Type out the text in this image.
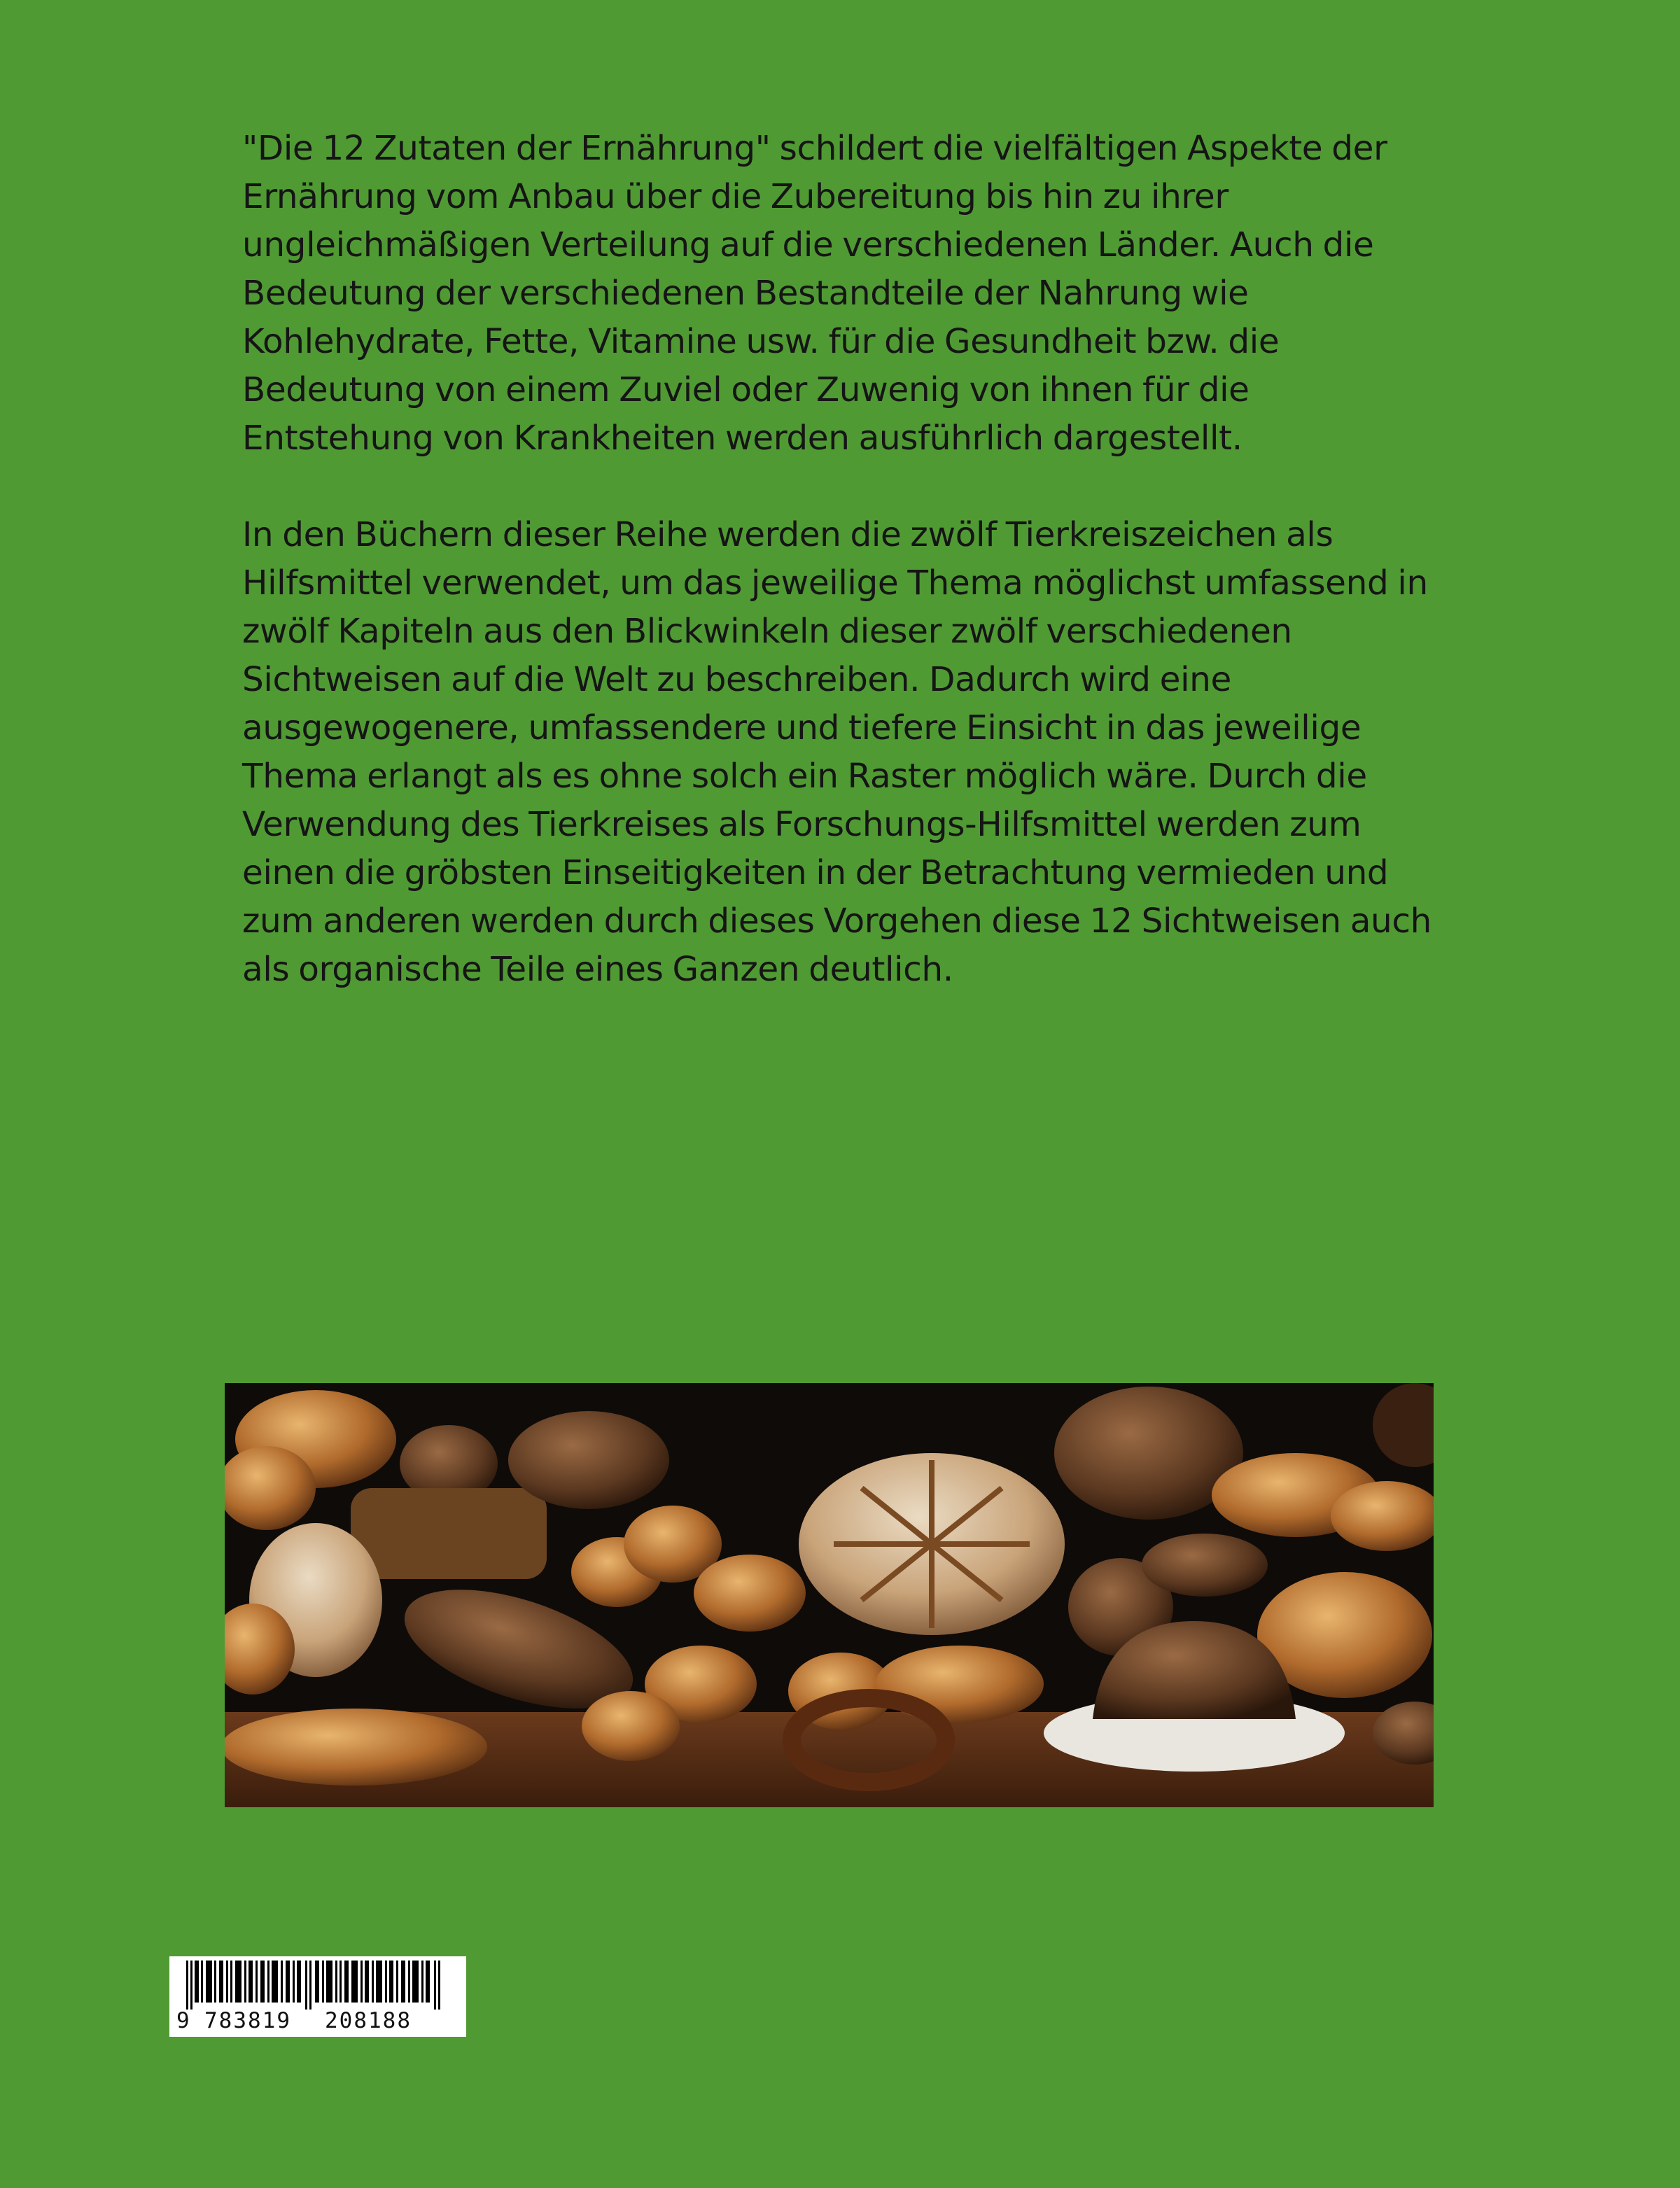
"Die 12 Zutaten der Ernährung" schildert die vielfältigen Aspekte der Ernährung vom Anbau über die Zubereitung bis hin zu ihrer ungleichmäßigen Verteilung auf die verschiedenen Länder. Auch die Bedeutung der verschiedenen Bestandteile der Nahrung wie Kohlehydrate, Fette, Vitamine usw. für die Gesundheit bzw. die Bedeutung von einem Zuviel oder Zuwenig von ihnen für die Entstehung von Krankheiten werden ausführlich dargestellt.

In den Büchern dieser Reihe werden die zwölf Tierkreiszeichen als Hilfsmittel verwendet, um das jeweilige Thema möglichst umfassend in zwölf Kapiteln aus den Blickwinkeln dieser zwölf verschiedenen Sichtweisen auf die Welt zu beschreiben. Dadurch wird eine ausgewogenere, umfassendere und tiefere Einsicht in das jeweilige Thema erlangt als es ohne solch ein Raster möglich wäre. Durch die Verwendung des Tierkreises als Forschungs-Hilfsmittel werden zum einen die gröbsten Einseitigkeiten in der Betrachtung vermieden und zum anderen werden durch dieses Vorgehen diese 12 Sichtweisen auch als organische Teile eines Ganzen deutlich.

9 783819	208188
